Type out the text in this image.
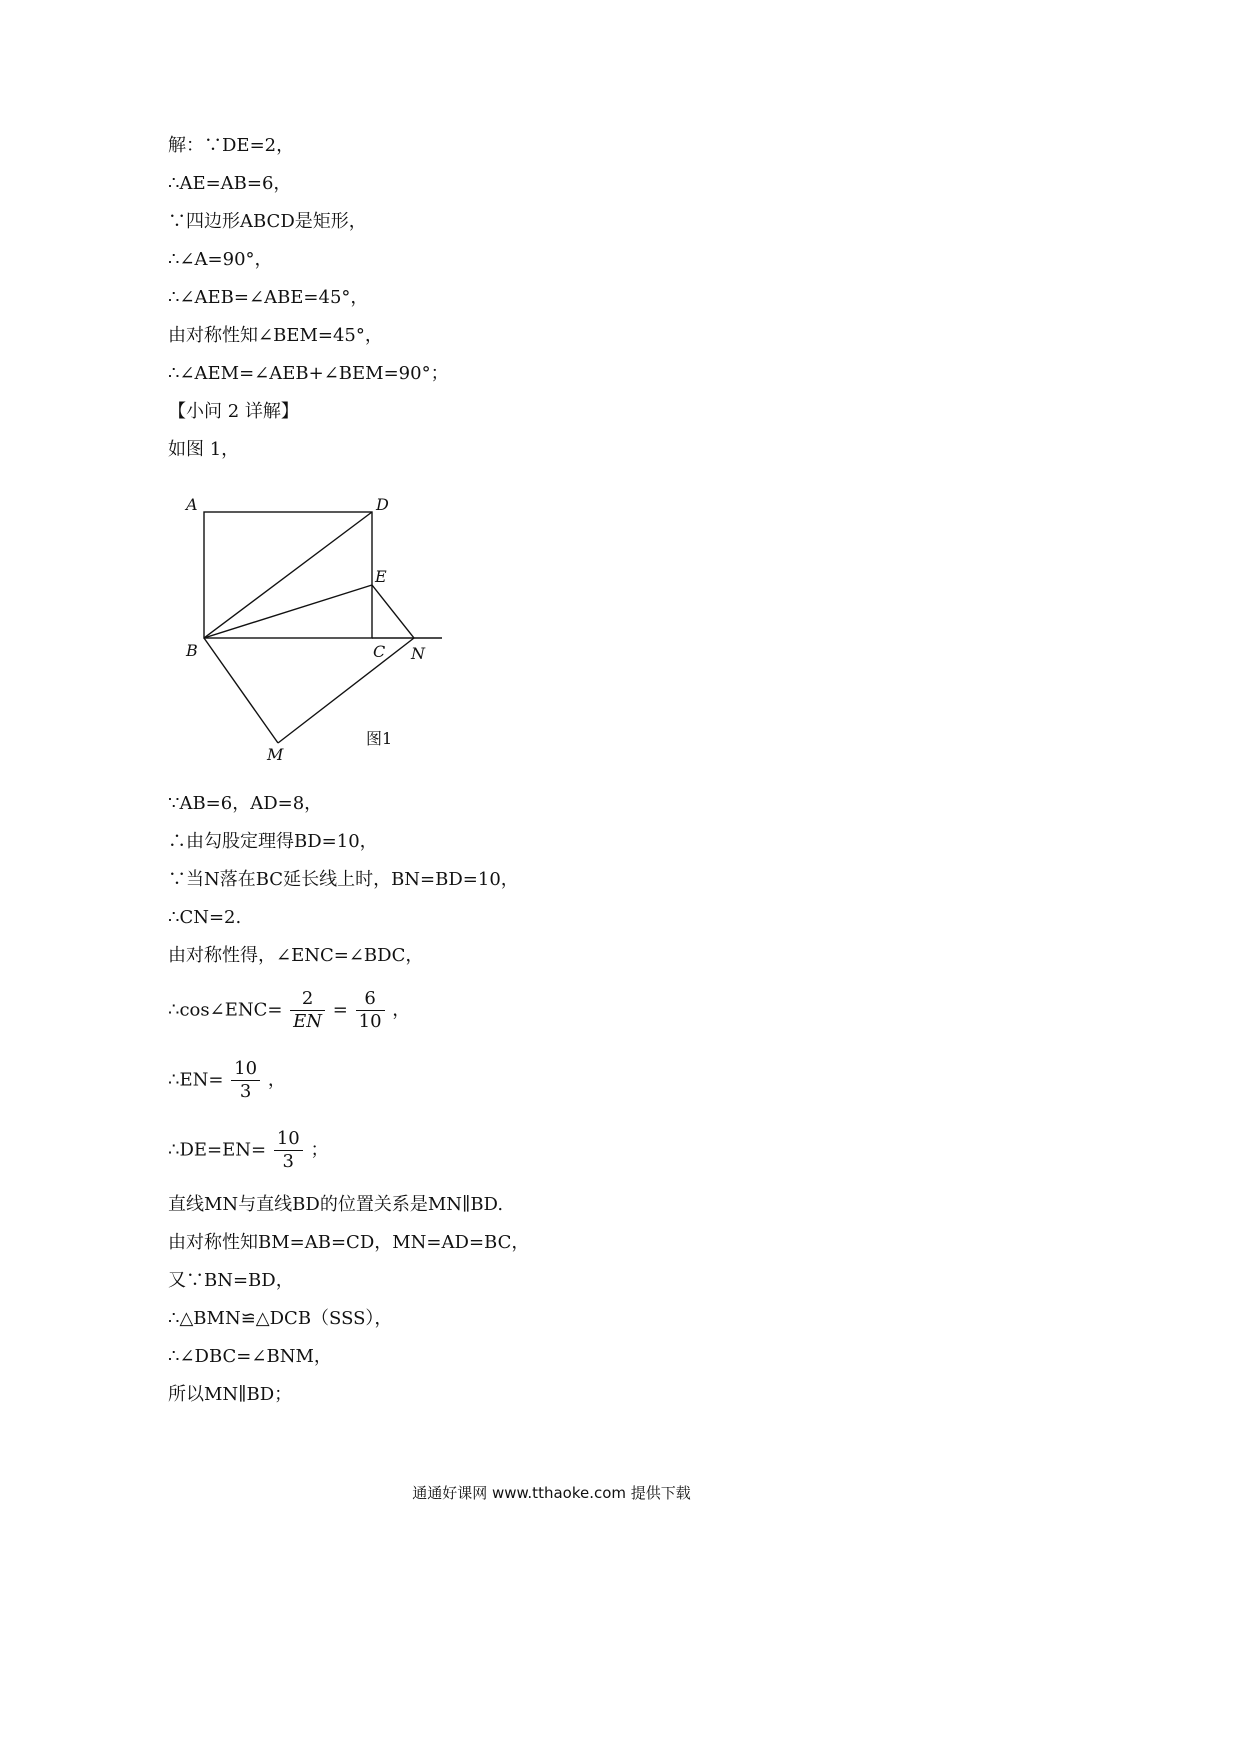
解：∵DE=2，
∴AE=AB=6，
∵四边形ABCD是矩形，
∴∠A=90°，
∴∠AEB=∠ABE=45°，
由对称性知∠BEM=45°，
∴∠AEM=∠AEB+∠BEM=90°；
【小问 2 详解】
如图 1，
A	D
E
B	C N
M
图1
∵AB=6，AD=8，
∴由勾股定理得BD=10，
∵当N落在BC延长线上时，BN=BD=10，
∴CN=2.
由对称性得，∠ENC=∠BDC，
∴cos∠ENC= $\frac{2}{EN} = \frac{6}{10}$ ，
∴EN= $\frac{10}{3}$ ，
∴DE=EN= $\frac{10}{3}$ ；
直线MN与直线BD的位置关系是MN∥BD.
由对称性知BM=AB=CD，MN=AD=BC，
又∵BN=BD，
∴△BMN≌△DCB（SSS），
∴∠DBC=∠BNM，
所以MN∥BD；
通通好课网 www.tthaoke.com 提供下载
